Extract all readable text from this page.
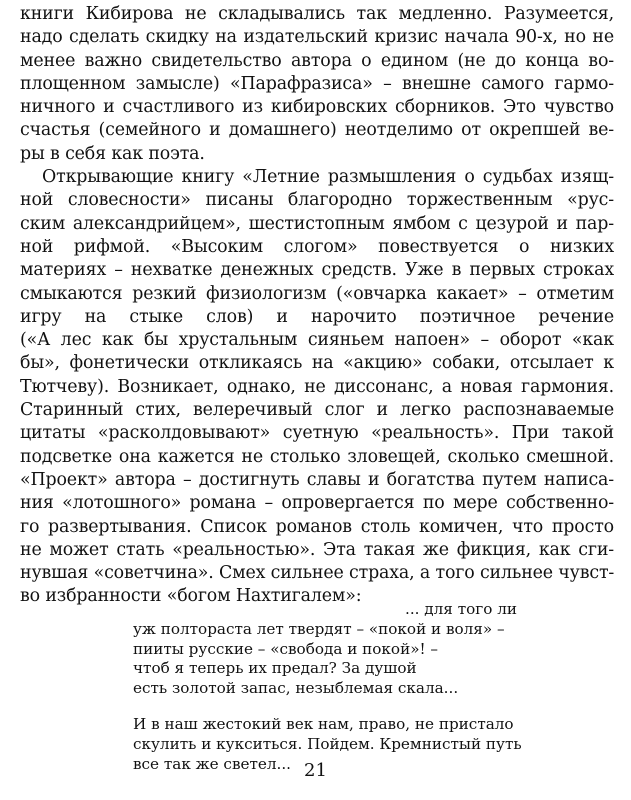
книги Кибирова не складывались так медленно. Разумеется,
надо сделать скидку на издательский кризис начала 90-х, но не
менее важно свидетельство автора о едином (не до конца во-
площенном замысле) «Парафразиса» – внешне самого гармо-
ничного и счастливого из кибировских сборников. Это чувство
счастья (семейного и домашнего) неотделимо от окрепшей ве-
ры в себя как поэта.
Открывающие книгу «Летние размышления о судьбах изящ-
ной словесности» писаны благородно торжественным «рус-
ским александрийцем», шестистопным ямбом с цезурой и пар-
ной рифмой. «Высоким слогом» повествуется о низких
материях – нехватке денежных средств. Уже в первых строках
смыкаются резкий физиологизм («овчарка какает» – отметим
игру на стыке слов) и нарочито поэтичное речение
(«А лес как бы хрустальным сияньем напоен» – оборот «как
бы», фонетически откликаясь на «акцию» собаки, отсылает к
Тютчеву). Возникает, однако, не диссонанс, а новая гармония.
Старинный стих, велеречивый слог и легко распознаваемые
цитаты «расколдовывают» суетную «реальность». При такой
подсветке она кажется не столько зловещей, сколько смешной.
«Проект» автора – достигнуть славы и богатства путем написа-
ния «лотошного» романа – опровергается по мере собственно-
го развертывания. Список романов столь комичен, что просто
не может стать «реальностью». Эта такая же фикция, как сги-
нувшая «советчина». Смех сильнее страха, а того сильнее чувст-
во избранности «богом Нахтигалем»:
... для того ли
уж полтораста лет твердят – «покой и воля» –
пииты русские – «свобода и покой»! –
чтоб я теперь их предал? За душой
есть золотой запас, незыблемая скала...
И в наш жестокий век нам, право, не пристало
скулить и кукситься. Пойдем. Кремнистый путь
все так же светел... 21
